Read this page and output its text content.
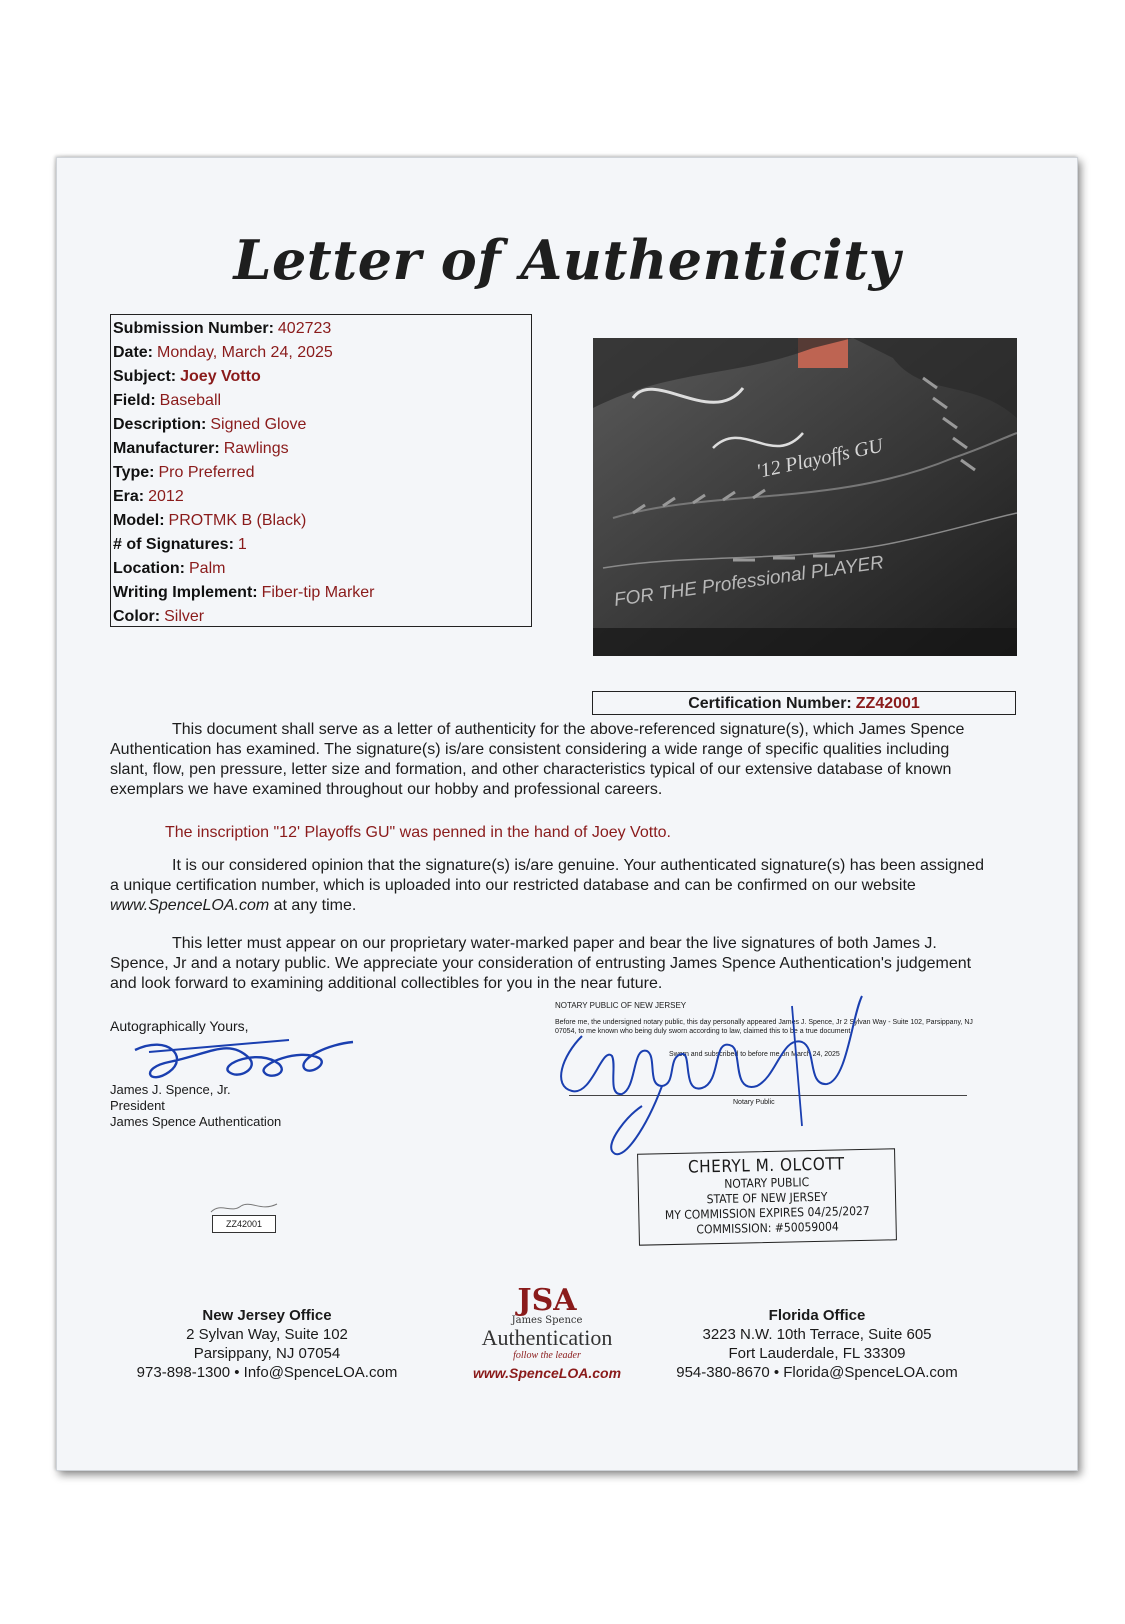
Letter of Authenticity
Submission Number: 402723
Date: Monday, March 24, 2025
Subject: Joey Votto
Field: Baseball
Description: Signed Glove
Manufacturer: Rawlings
Type: Pro Preferred
Era: 2012
Model: PROTMK B (Black)
# of Signatures: 1
Location: Palm
Writing Implement: Fiber-tip Marker
Color: Silver
'12 Playoffs GU
FOR THE Professional PLAYER
Certification Number: ZZ42001
This document shall serve as a letter of authenticity for the above-referenced signature(s), which James Spence Authentication has examined. The signature(s) is/are consistent considering a wide range of specific qualities including slant, flow, pen pressure, letter size and formation, and other characteristics typical of our extensive database of known exemplars we have examined throughout our hobby and professional careers.
The inscription "12' Playoffs GU" was penned in the hand of Joey Votto.
It is our considered opinion that the signature(s) is/are genuine. Your authenticated signature(s) has been assigned a unique certification number, which is uploaded into our restricted database and can be confirmed on our website www.SpenceLOA.com at any time.
This letter must appear on our proprietary water-marked paper and bear the live signatures of both James J. Spence, Jr and a notary public. We appreciate your consideration of entrusting James Spence Authentication's judgement and look forward to examining additional collectibles for you in the near future.
Autographically Yours,
James J. Spence, Jr.
President
James Spence Authentication
NOTARY PUBLIC OF NEW JERSEY
Before me, the undersigned notary public, this day personally appeared James J. Spence, Jr 2 Sylvan Way - Suite 102, Parsippany, NJ 07054, to me known who being duly sworn according to law, claimed this to be a true document.
Sworn and subscribed to before me on March 24, 2025
Notary Public
CHERYL M. OLCOTT
NOTARY PUBLIC
STATE OF NEW JERSEY
MY COMMISSION EXPIRES 04/25/2027
COMMISSION: #50059004
ZZ42001
New Jersey Office
2 Sylvan Way, Suite 102
Parsippany, NJ 07054
973-898-1300 • Info@SpenceLOA.com
JSA
James Spence
Authentication
follow the leader
www.SpenceLOA.com
Florida Office
3223 N.W. 10th Terrace, Suite 605
Fort Lauderdale, FL 33309
954-380-8670 • Florida@SpenceLOA.com
